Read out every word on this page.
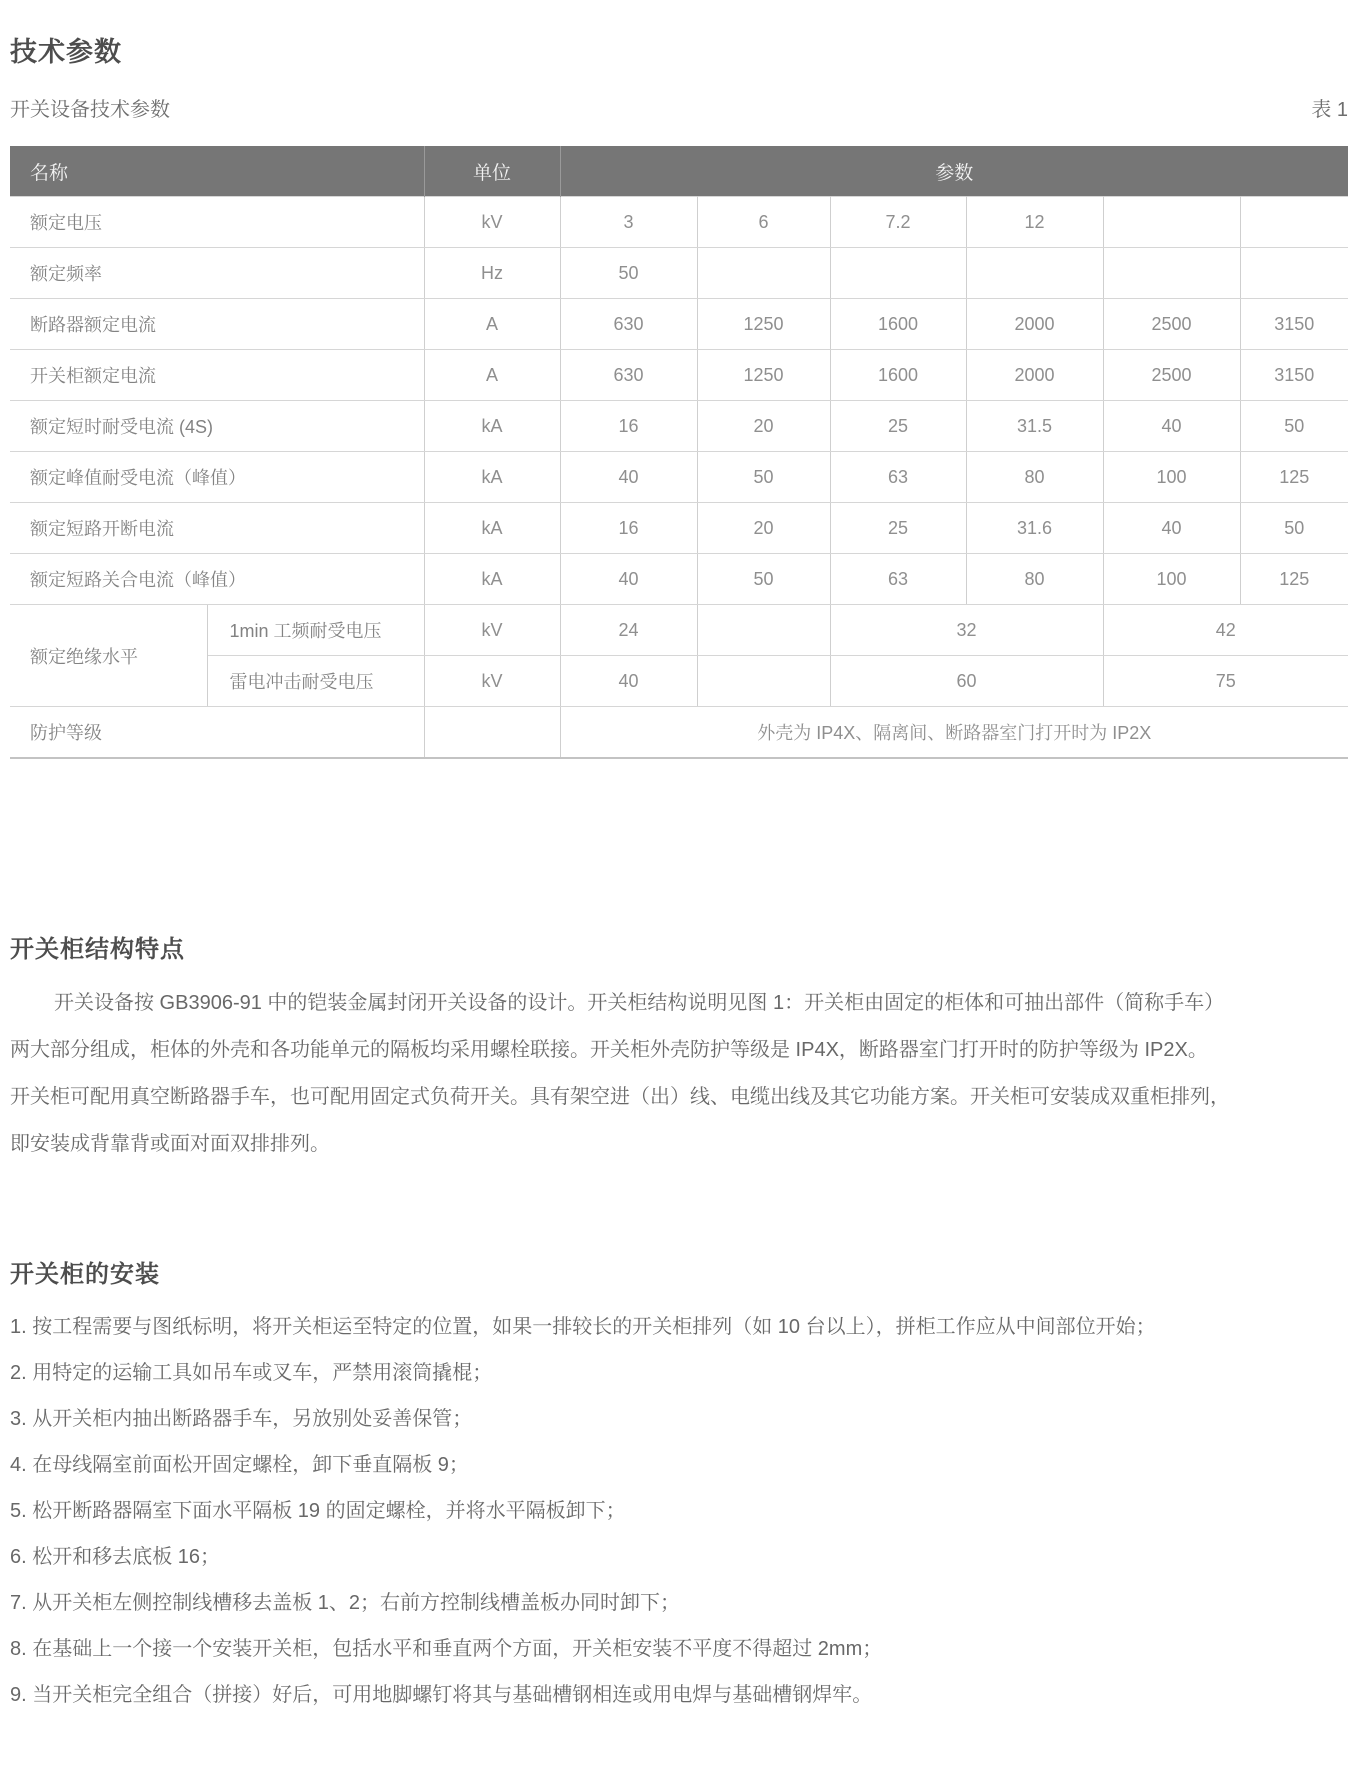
技术参数
开关设备技术参数	表 1
名称		单位	参数					
额定电压		kV	3	6	7.2	12		
额定频率		Hz	50					
断路器额定电流		A	630	1250	1600	2000	2500	3150
开关柜额定电流		A	630	1250	1600	2000	2500	3150
额定短时耐受电流 (4S)		kA	16	20	25	31.5	40	50
额定峰值耐受电流（峰值）		kA	40	50	63	80	100	125
额定短路开断电流		kA	16	20	25	31.6	40	50
额定短路关合电流（峰值）		kA	40	50	63	80	100	125
额定绝缘水平	1min 工频耐受电压	kV	24		32		42	
	雷电冲击耐受电压	kV	40		60		75	
防护等级			外壳为 IP4X、隔离间、断路器室门打开时为 IP2X					
开关柜结构特点
开关设备按 GB3906-91 中的铠装金属封闭开关设备的设计。开关柜结构说明见图 1：开关柜由固定的柜体和可抽出部件（简称手车）
两大部分组成，柜体的外壳和各功能单元的隔板均采用螺栓联接。开关柜外壳防护等级是 IP4X，断路器室门打开时的防护等级为 IP2X。
开关柜可配用真空断路器手车，也可配用固定式负荷开关。具有架空进（出）线、电缆出线及其它功能方案。开关柜可安装成双重柜排列，
即安装成背靠背或面对面双排排列。
开关柜的安装
1. 按工程需要与图纸标明，将开关柜运至特定的位置，如果一排较长的开关柜排列（如 10 台以上），拼柜工作应从中间部位开始；
2. 用特定的运输工具如吊车或叉车，严禁用滚筒撬棍；
3. 从开关柜内抽出断路器手车，另放别处妥善保管；
4. 在母线隔室前面松开固定螺栓，卸下垂直隔板 9；
5. 松开断路器隔室下面水平隔板 19 的固定螺栓，并将水平隔板卸下；
6. 松开和移去底板 16；
7. 从开关柜左侧控制线槽移去盖板 1、2；右前方控制线槽盖板办同时卸下；
8. 在基础上一个接一个安装开关柜，包括水平和垂直两个方面，开关柜安装不平度不得超过 2mm；
9. 当开关柜完全组合（拼接）好后，可用地脚螺钉将其与基础槽钢相连或用电焊与基础槽钢焊牢。
